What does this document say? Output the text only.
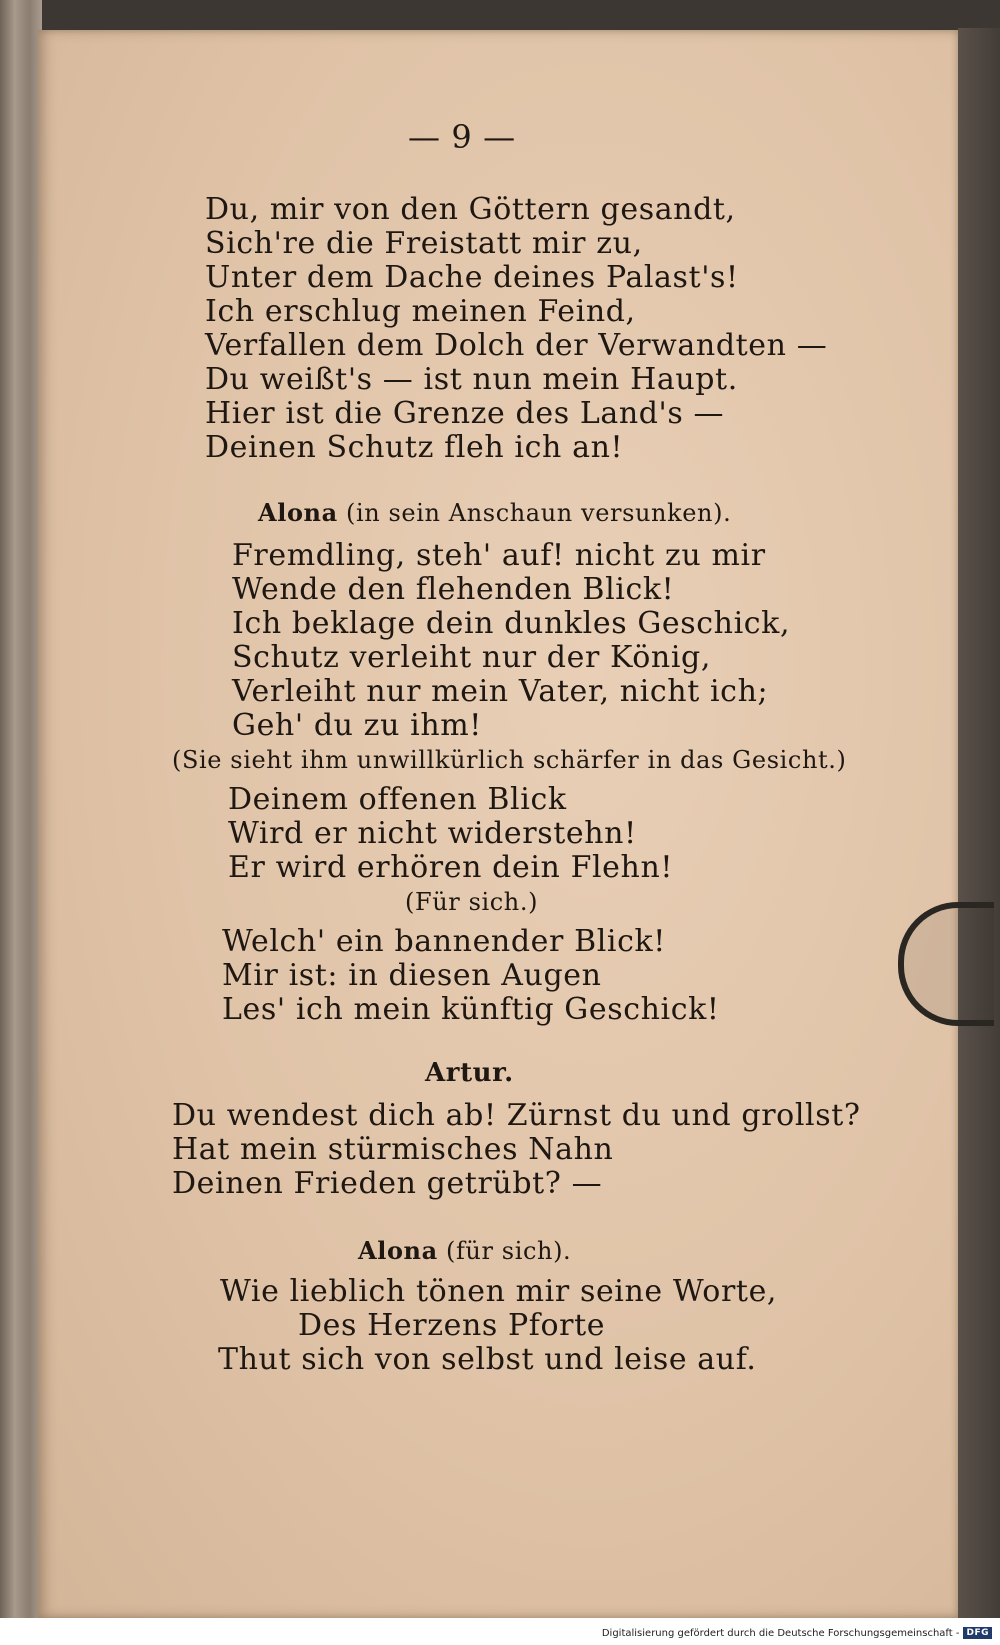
— 9 —
Du, mir von den Göttern gesandt,
Sich're die Freistatt mir zu,
Unter dem Dache deines Palast's!
Ich erschlug meinen Feind,
Verfallen dem Dolch der Verwandten —
Du weißt's — ist nun mein Haupt.
Hier ist die Grenze des Land's —
Deinen Schutz fleh ich an!
Alona (in sein Anschaun versunken).
Fremdling, steh' auf! nicht zu mir
Wende den flehenden Blick!
Ich beklage dein dunkles Geschick,
Schutz verleiht nur der König,
Verleiht nur mein Vater, nicht ich;
Geh' du zu ihm!
(Sie sieht ihm unwillkürlich schärfer in das Gesicht.)
Deinem offenen Blick
Wird er nicht widerstehn!
Er wird erhören dein Flehn!
(Für sich.)
Welch' ein bannender Blick!
Mir ist: in diesen Augen
Les' ich mein künftig Geschick!
Artur.
Du wendest dich ab! Zürnst du und grollst?
Hat mein stürmisches Nahn
Deinen Frieden getrübt? —
Alona (für sich).
Wie lieblich tönen mir seine Worte,
Des Herzens Pforte
Thut sich von selbst und leise auf.
Digitalisierung gefördert durch die Deutsche Forschungsgemeinschaft - DFG
